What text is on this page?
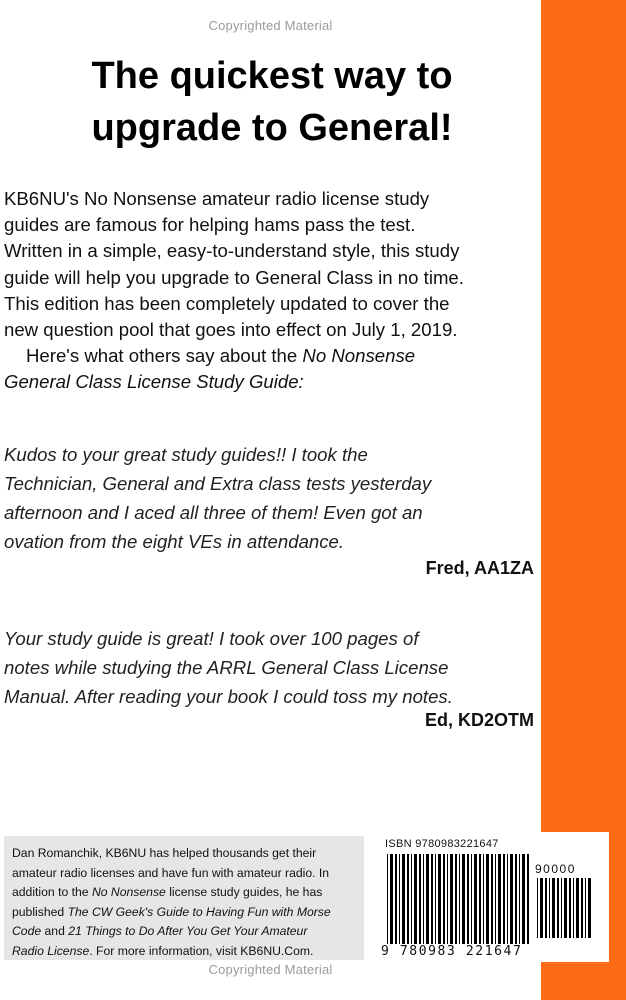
Copyrighted Material
The quickest way to
upgrade to General!
KB6NU's No Nonsense amateur radio license study
guides are famous for helping hams pass the test.
Written in a simple, easy-to-understand style, this study
guide will help you upgrade to General Class in no time.
This edition has been completely updated to cover the
new question pool that goes into effect on July 1, 2019.
Here's what others say about the No Nonsense
General Class License Study Guide:
Kudos to your great study guides!! I took the
Technician, General and Extra class tests yesterday
afternoon and I aced all three of them! Even got an
ovation from the eight VEs in attendance.
Fred, AA1ZA
Your study guide is great! I took over 100 pages of
notes while studying the ARRL General Class License
Manual. After reading your book I could toss my notes.
Ed, KD2OTM
Dan Romanchik, KB6NU has helped thousands get their
amateur radio licenses and have fun with amateur radio. In
addition to the No Nonsense license study guides, he has
published The CW Geek's Guide to Having Fun with Morse
Code and 21 Things to Do After You Get Your Amateur
Radio License. For more information, visit KB6NU.Com.
ISBN 9780983221647
90000
9 780983 221647
Copyrighted Material
